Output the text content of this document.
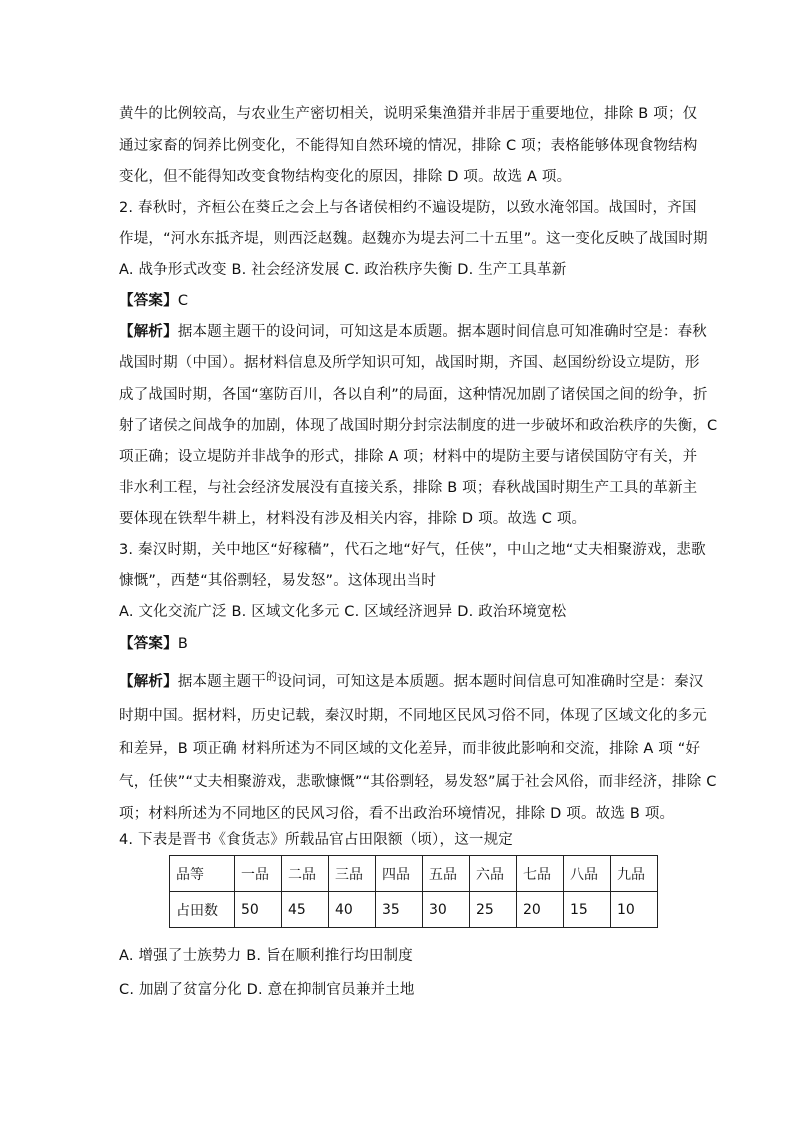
黄牛的比例较高，与农业生产密切相关，说明采集渔猎并非居于重要地位，排除 B 项；仅
通过家畜的饲养比例变化，不能得知自然环境的情况，排除 C 项；表格能够体现食物结构
变化，但不能得知改变食物结构变化的原因，排除 D 项。故选 A 项。
2. 春秋时，齐桓公在葵丘之会上与各诸侯相约不遍设堤防，以致水淹邻国。战国时，齐国
作堤，“河水东抵齐堤，则西泛赵魏。赵魏亦为堤去河二十五里”。这一变化反映了战国时期
A. 战争形式改变 B. 社会经济发展 C. 政治秩序失衡 D. 生产工具革新
【答案】C
【解析】据本题主题干的设问词，可知这是本质题。据本题时间信息可知准确时空是：春秋
战国时期（中国）。据材料信息及所学知识可知，战国时期，齐国、赵国纷纷设立堤防，形
成了战国时期，各国“塞防百川，各以自利”的局面，这种情况加剧了诸侯国之间的纷争，折
射了诸侯之间战争的加剧，体现了战国时期分封宗法制度的进一步破坏和政治秩序的失衡，C
项正确；设立堤防并非战争的形式，排除 A 项；材料中的堤防主要与诸侯国防守有关，并
非水利工程，与社会经济发展没有直接关系，排除 B 项；春秋战国时期生产工具的革新主
要体现在铁犁牛耕上，材料没有涉及相关内容，排除 D 项。故选 C 项。
3. 秦汉时期，关中地区“好稼穑”，代石之地“好气，任侠”，中山之地“丈夫相聚游戏，悲歌
慷慨”，西楚“其俗剽轻，易发怒”。这体现出当时
A. 文化交流广泛 B. 区域文化多元 C. 区域经济迥异 D. 政治环境宽松
【答案】B
【解析】据本题主题干$^的$设问词，可知这是本质题。据本题时间信息可知准确时空是：秦汉
时期中国。据材料，历史记载，秦汉时期，不同地区民风习俗不同，体现了区域文化的多元
和差异，B 项正确 材料所述为不同区域的文化差异，而非彼此影响和交流，排除 A 项 “好
气，任侠”“丈夫相聚游戏，悲歌慷慨”“其俗剽轻，易发怒”属于社会风俗，而非经济，排除 C
项；材料所述为不同地区的民风习俗，看不出政治环境情况，排除 D 项。故选 B 项。
4. 下表是晋书《食货志》所载品官占田限额（顷），这一规定
品等	一品	二品	三品	四品	五品	六品	七品	八品	九品
占田数	50	45	40	35	30	25	20	15	10
A. 增强了士族势力 B. 旨在顺利推行均田制度
C. 加剧了贫富分化 D. 意在抑制官员兼并土地
